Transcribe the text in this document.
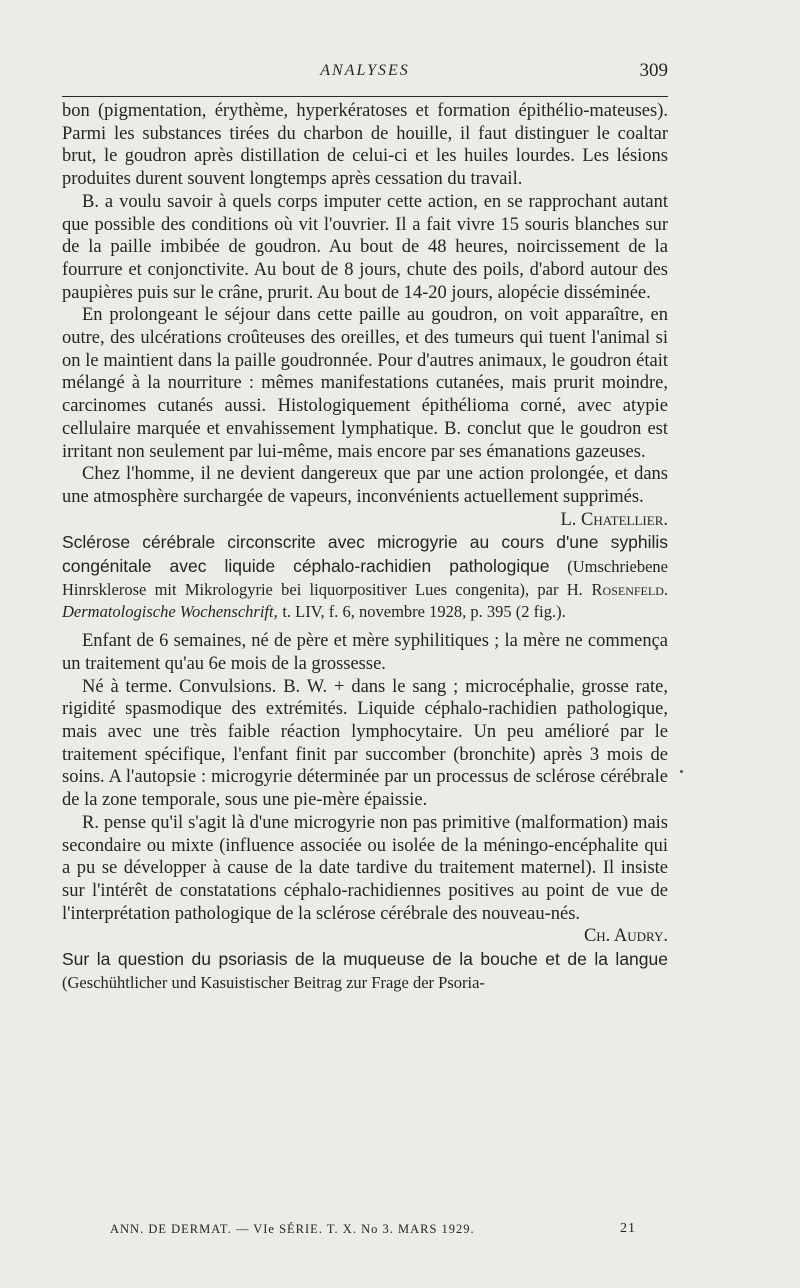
ANALYSES	309

bon (pigmentation, érythème, hyperkératoses et formation épithélio-mateuses). Parmi les substances tirées du charbon de houille, il faut distinguer le coaltar brut, le goudron après distillation de celui-ci et les huiles lourdes. Les lésions produites durent souvent longtemps après cessation du travail.

B. a voulu savoir à quels corps imputer cette action, en se rapprochant autant que possible des conditions où vit l'ouvrier. Il a fait vivre 15 souris blanches sur de la paille imbibée de goudron. Au bout de 48 heures, noircissement de la fourrure et conjonctivite. Au bout de 8 jours, chute des poils, d'abord autour des paupières puis sur le crâne, prurit. Au bout de 14-20 jours, alopécie disséminée.

En prolongeant le séjour dans cette paille au goudron, on voit apparaître, en outre, des ulcérations croûteuses des oreilles, et des tumeurs qui tuent l'animal si on le maintient dans la paille goudronnée. Pour d'autres animaux, le goudron était mélangé à la nourriture : mêmes manifestations cutanées, mais prurit moindre, carcinomes cutanés aussi. Histologiquement épithélioma corné, avec atypie cellulaire marquée et envahissement lymphatique. B. conclut que le goudron est irritant non seulement par lui-même, mais encore par ses émanations gazeuses.

Chez l'homme, il ne devient dangereux que par une action prolongée, et dans une atmosphère surchargée de vapeurs, inconvénients actuellement supprimés.

L. Chatellier.

Sclérose cérébrale circonscrite avec microgyrie au cours d'une syphilis congénitale avec liquide céphalo-rachidien pathologique (Umschriebene Hinrsklerose mit Mikrologyrie bei liquorpositiver Lues congenita), par H. Rosenfeld. Dermatologische Wochenschrift, t. LIV, f. 6, novembre 1928, p. 395 (2 fig.).

Enfant de 6 semaines, né de père et mère syphilitiques ; la mère ne commença un traitement qu'au 6e mois de la grossesse.

Né à terme. Convulsions. B. W. + dans le sang ; microcéphalie, grosse rate, rigidité spasmodique des extrémités. Liquide céphalo-rachidien pathologique, mais avec une très faible réaction lymphocytaire. Un peu amélioré par le traitement spécifique, l'enfant finit par succomber (bronchite) après 3 mois de soins. A l'autopsie : microgyrie déterminée par un processus de sclérose cérébrale de la zone temporale, sous une pie-mère épaissie.

R. pense qu'il s'agit là d'une microgyrie non pas primitive (malformation) mais secondaire ou mixte (influence associée ou isolée de la méningo-encéphalite qui a pu se développer à cause de la date tardive du traitement maternel). Il insiste sur l'intérêt de constatations céphalo-rachidiennes positives au point de vue de l'interprétation pathologique de la sclérose cérébrale des nouveau-nés.

Ch. Audry.

Sur la question du psoriasis de la muqueuse de la bouche et de la langue (Geschühtlicher und Kasuistischer Beitrag zur Frage der Psoria-

ANN. DE DERMAT. — VIe SÉRIE. T. X. No 3. MARS 1929.	21
